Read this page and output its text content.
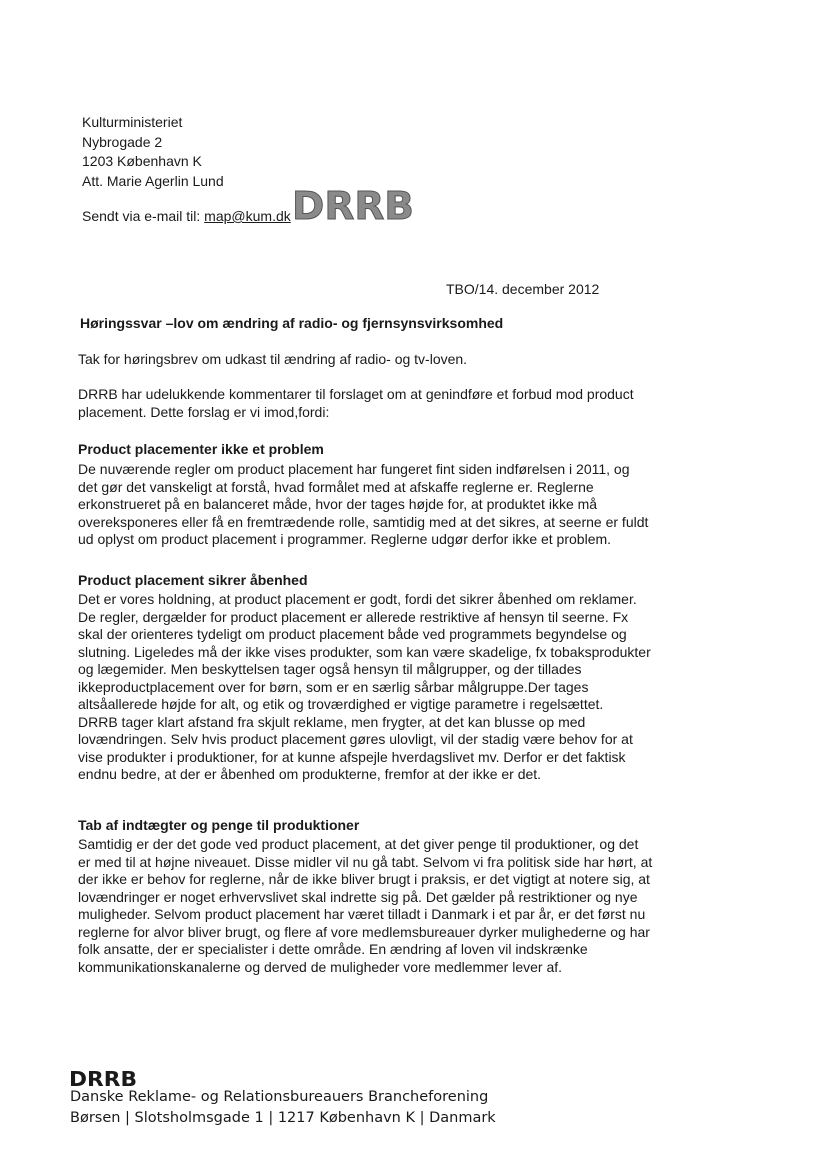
Kulturministeriet
Nybrogade 2
1203 København K
Att. Marie Agerlin Lund
Sendt via e-mail til: map@kum.dk DRRB
TBO/14. december 2012
Høringssvar –lov om ændring af radio- og fjernsynsvirksomhed
Tak for høringsbrev om udkast til ændring af radio- og tv-loven.
DRRB har udelukkende kommentarer til forslaget om at genindføre et forbud mod product
placement. Dette forslag er vi imod,fordi:
Product placementer ikke et problem
De nuværende regler om product placement har fungeret fint siden indførelsen i 2011, og
det gør det vanskeligt at forstå, hvad formålet med at afskaffe reglerne er. Reglerne
erkonstrueret på en balanceret måde, hvor der tages højde for, at produktet ikke må
overeksponeres eller få en fremtrædende rolle, samtidig med at det sikres, at seerne er fuldt
ud oplyst om product placement i programmer. Reglerne udgør derfor ikke et problem.
Product placement sikrer åbenhed
Det er vores holdning, at product placement er godt, fordi det sikrer åbenhed om reklamer.
De regler, dergælder for product placement er allerede restriktive af hensyn til seerne. Fx
skal der orienteres tydeligt om product placement både ved programmets begyndelse og
slutning. Ligeledes må der ikke vises produkter, som kan være skadelige, fx tobaksprodukter
og lægemider. Men beskyttelsen tager også hensyn til målgrupper, og der tillades
ikkeproductplacement over for børn, som er en særlig sårbar målgruppe.Der tages
altsåallerede højde for alt, og etik og troværdighed er vigtige parametre i regelsættet.
DRRB tager klart afstand fra skjult reklame, men frygter, at det kan blusse op med
lovændringen. Selv hvis product placement gøres ulovligt, vil der stadig være behov for at
vise produkter i produktioner, for at kunne afspejle hverdagslivet mv. Derfor er det faktisk
endnu bedre, at der er åbenhed om produkterne, fremfor at der ikke er det.
Tab af indtægter og penge til produktioner
Samtidig er der det gode ved product placement, at det giver penge til produktioner, og det
er med til at højne niveauet. Disse midler vil nu gå tabt. Selvom vi fra politisk side har hørt, at
der ikke er behov for reglerne, når de ikke bliver brugt i praksis, er det vigtigt at notere sig, at
lovændringer er noget erhvervslivet skal indrette sig på. Det gælder på restriktioner og nye
muligheder. Selvom product placement har været tilladt i Danmark i et par år, er det først nu
reglerne for alvor bliver brugt, og flere af vore medlemsbureauer dyrker mulighederne og har
folk ansatte, der er specialister i dette område. En ændring af loven vil indskrænke
kommunikationskanalerne og derved de muligheder vore medlemmer lever af.
DRRB
Danske Reklame- og Relationsbureauers Brancheforening
Børsen | Slotsholmsgade 1 | 1217 København K | Danmark
